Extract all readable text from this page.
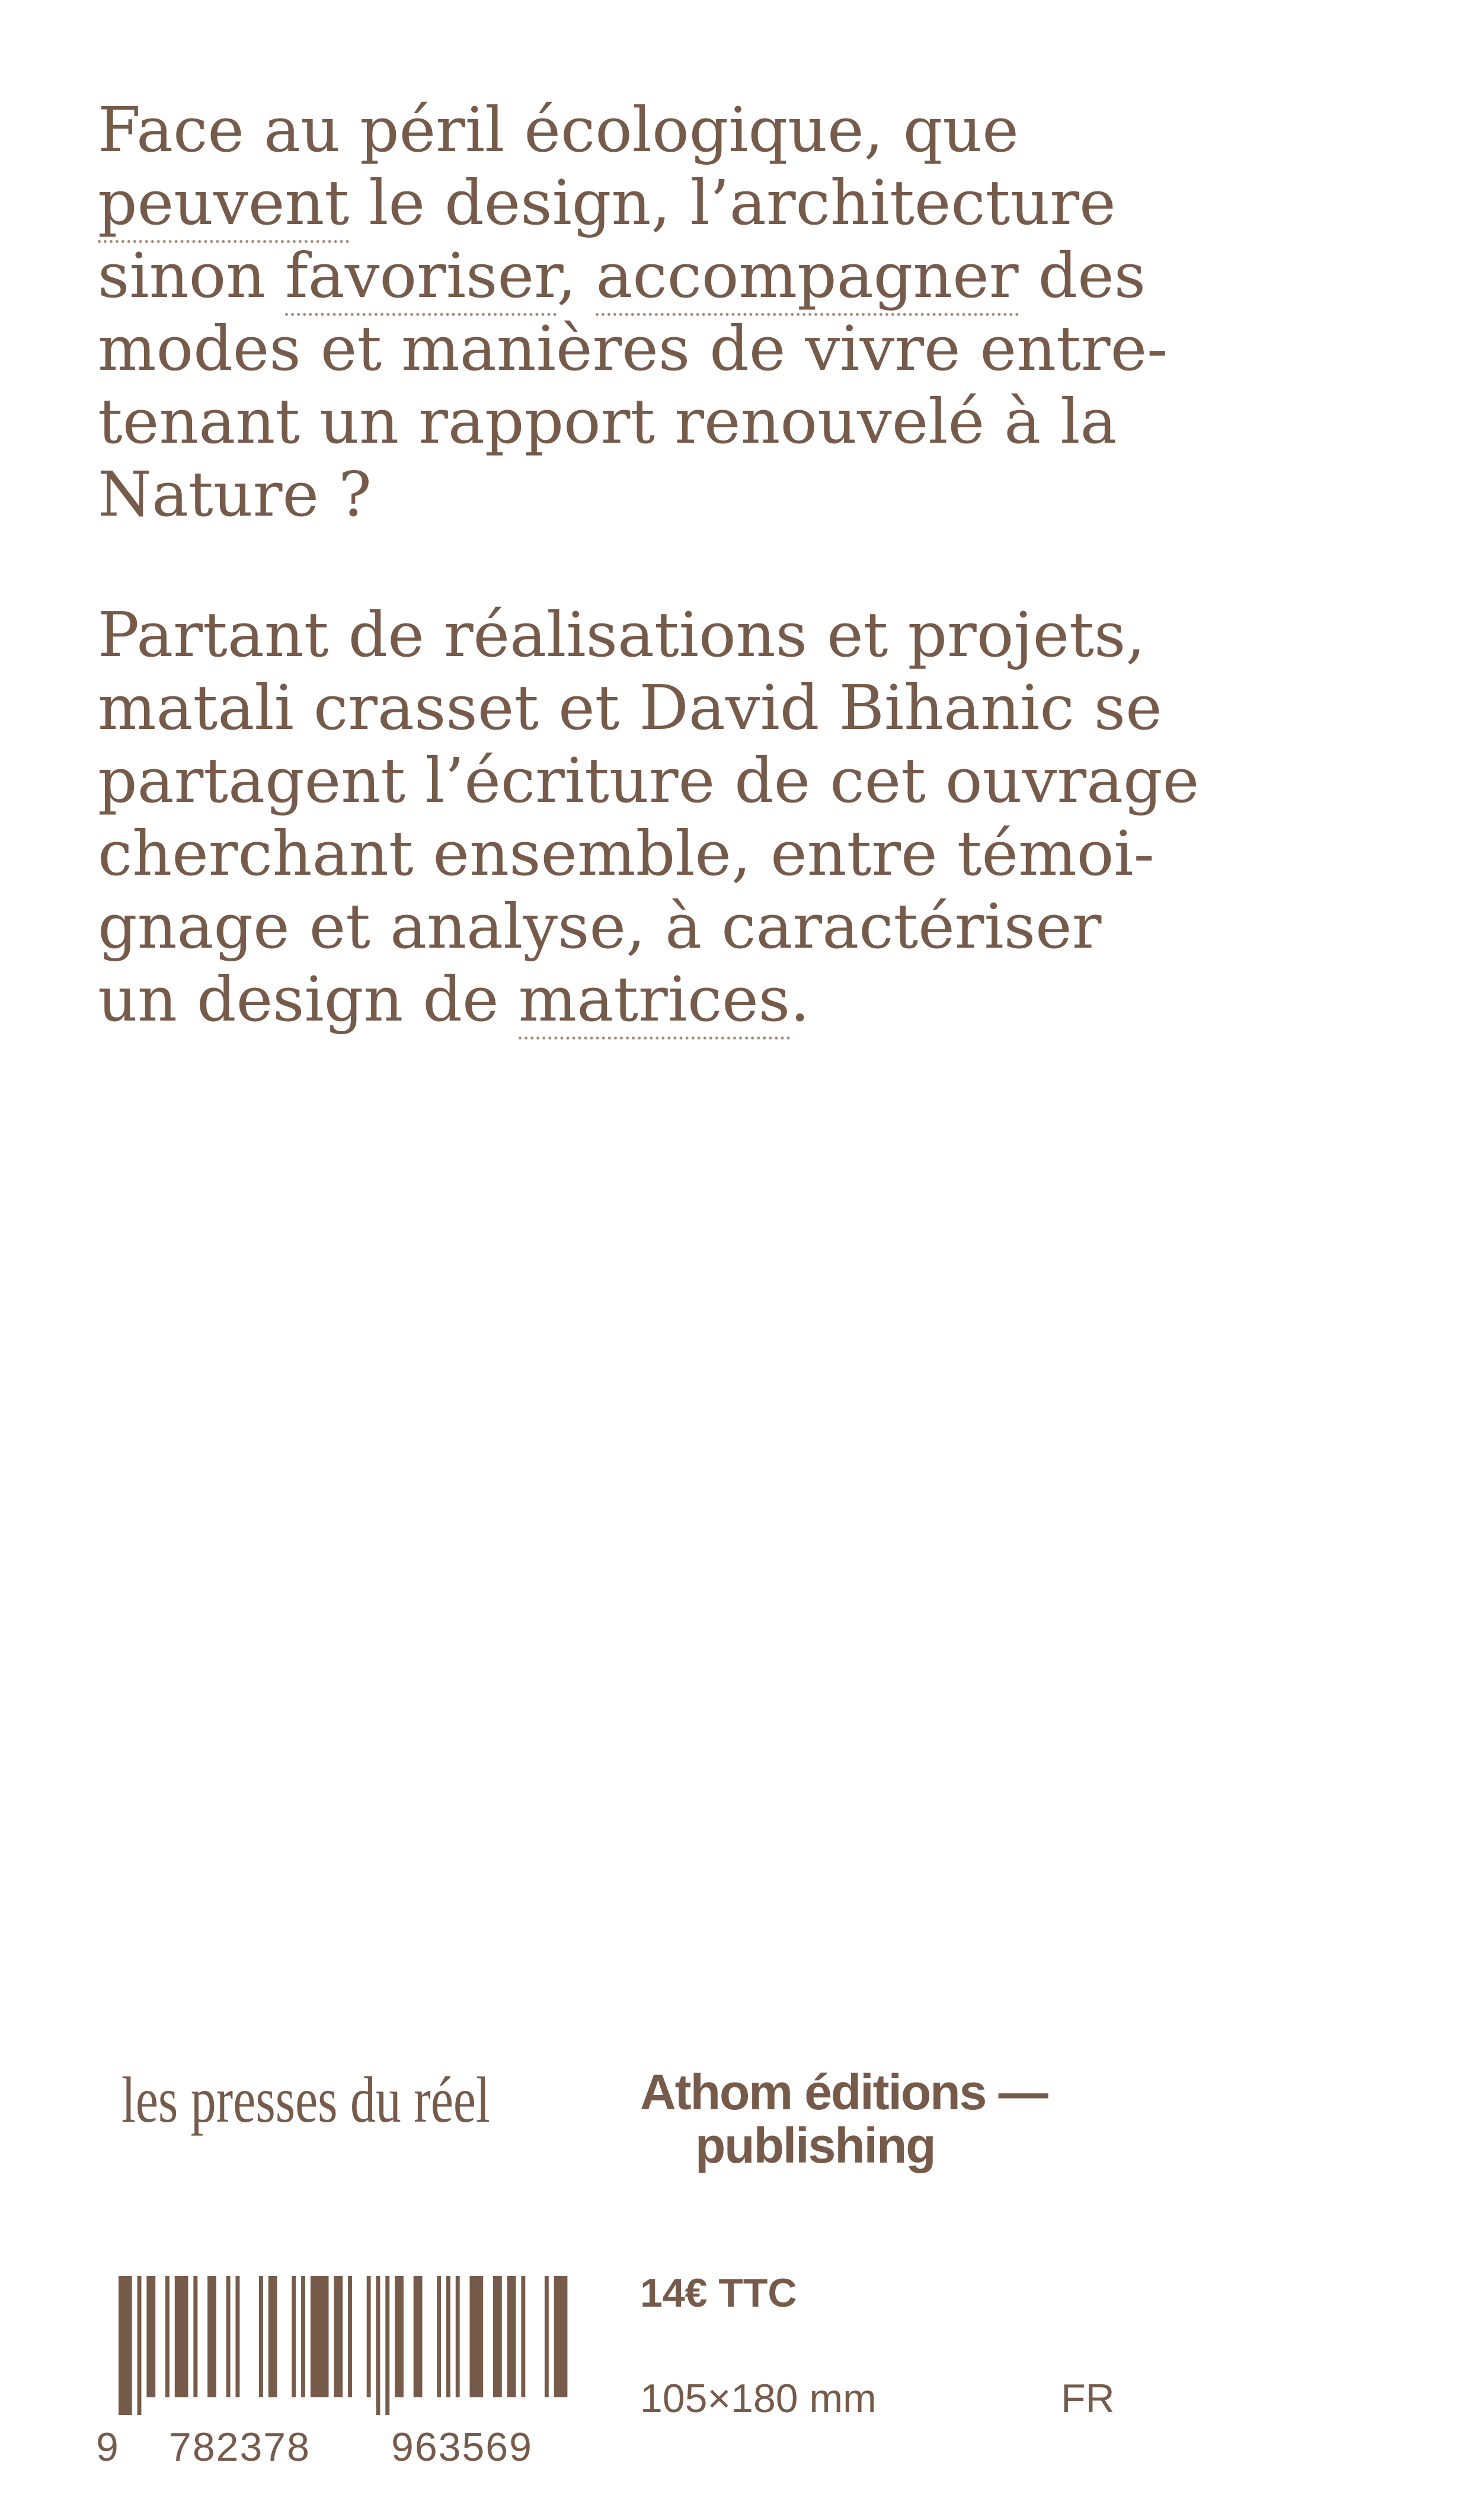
Face au péril écologique, que
peuvent le design, l’architecture
sinon favoriser, accompagner des
modes et manières de vivre entre-
tenant un rapport renouvelé à la
Nature ?
Partant de réalisations et projets,
matali crasset et David Bihanic se
partagent l’écriture de cet ouvrage
cherchant ensemble, entre témoi-
gnage et analyse, à caractériser
un design de matrices.
les presses du réel	Athom éditions —
publishing
9 782378 963569
14€ TTC
105×180 mm	FR
